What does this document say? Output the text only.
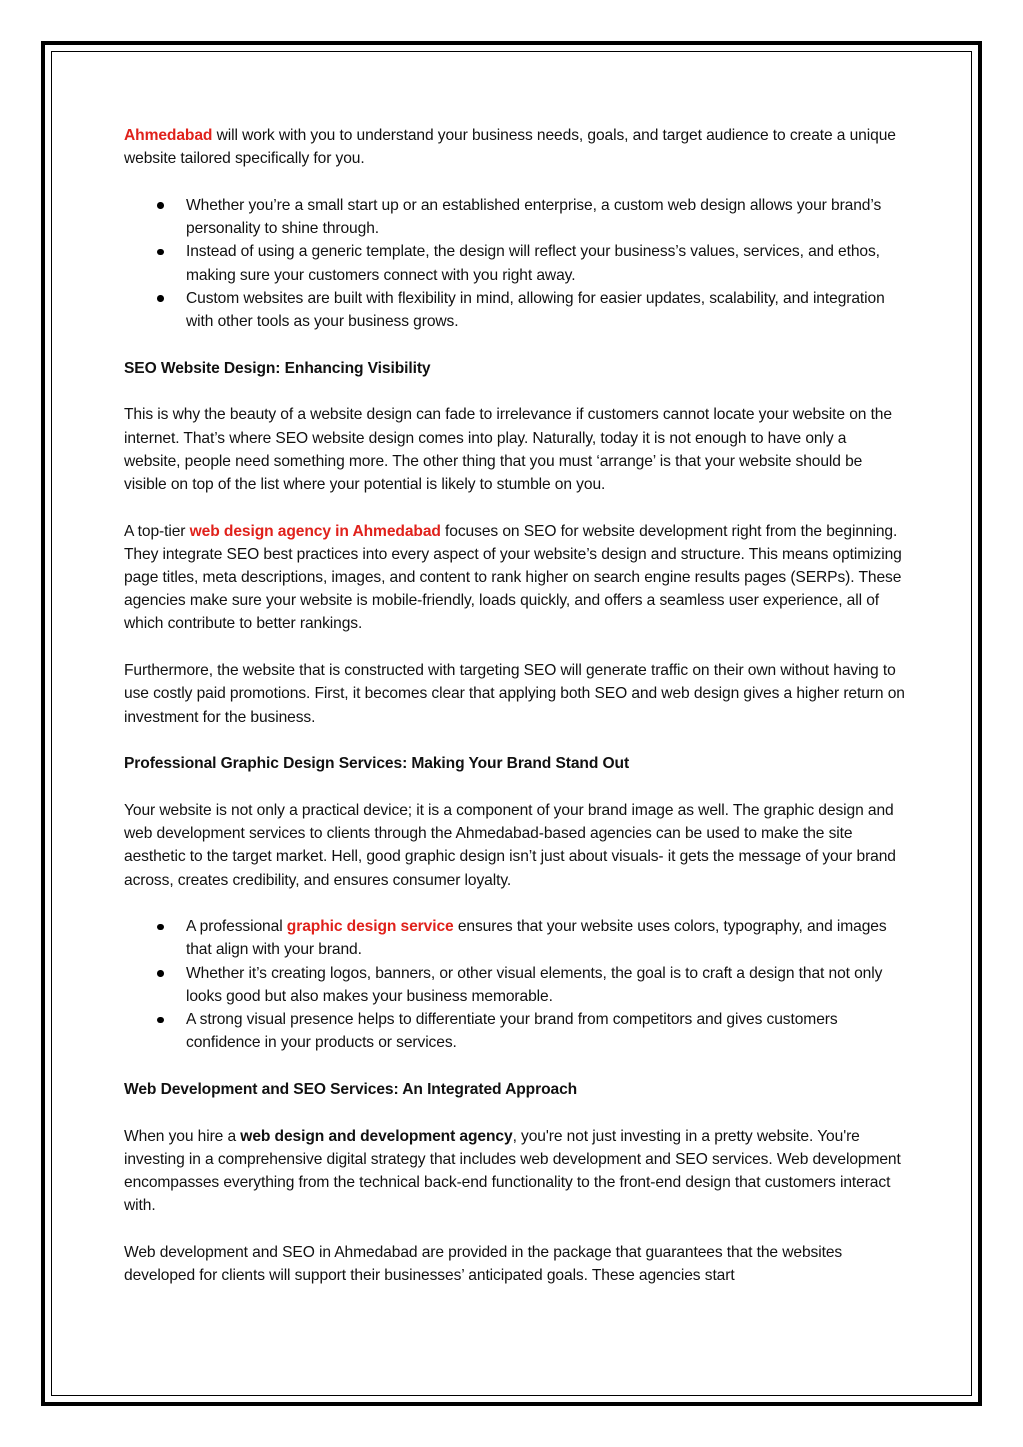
Ahmedabad will work with you to understand your business needs, goals, and target audience to create a unique website tailored specifically for you.

Whether you’re a small start up or an established enterprise, a custom web design allows your brand’s personality to shine through.
Instead of using a generic template, the design will reflect your business’s values, services, and ethos, making sure your customers connect with you right away.
Custom websites are built with flexibility in mind, allowing for easier updates, scalability, and integration with other tools as your business grows.

SEO Website Design: Enhancing Visibility

This is why the beauty of a website design can fade to irrelevance if customers cannot locate your website on the internet. That’s where SEO website design comes into play. Naturally, today it is not enough to have only a website, people need something more. The other thing that you must ‘arrange’ is that your website should be visible on top of the list where your potential is likely to stumble on you.

A top-tier web design agency in Ahmedabad focuses on SEO for website development right from the beginning. They integrate SEO best practices into every aspect of your website’s design and structure. This means optimizing page titles, meta descriptions, images, and content to rank higher on search engine results pages (SERPs). These agencies make sure your website is mobile-friendly, loads quickly, and offers a seamless user experience, all of which contribute to better rankings.

Furthermore, the website that is constructed with targeting SEO will generate traffic on their own without having to use costly paid promotions. First, it becomes clear that applying both SEO and web design gives a higher return on investment for the business.

Professional Graphic Design Services: Making Your Brand Stand Out

Your website is not only a practical device; it is a component of your brand image as well. The graphic design and web development services to clients through the Ahmedabad-based agencies can be used to make the site aesthetic to the target market. Hell, good graphic design isn’t just about visuals- it gets the message of your brand across, creates credibility, and ensures consumer loyalty.

A professional graphic design service ensures that your website uses colors, typography, and images that align with your brand.
Whether it’s creating logos, banners, or other visual elements, the goal is to craft a design that not only looks good but also makes your business memorable.
A strong visual presence helps to differentiate your brand from competitors and gives customers confidence in your products or services.

Web Development and SEO Services: An Integrated Approach

When you hire a web design and development agency, you're not just investing in a pretty website. You're investing in a comprehensive digital strategy that includes web development and SEO services. Web development encompasses everything from the technical back-end functionality to the front-end design that customers interact with.

Web development and SEO in Ahmedabad are provided in the package that guarantees that the websites developed for clients will support their businesses’ anticipated goals. These agencies start
